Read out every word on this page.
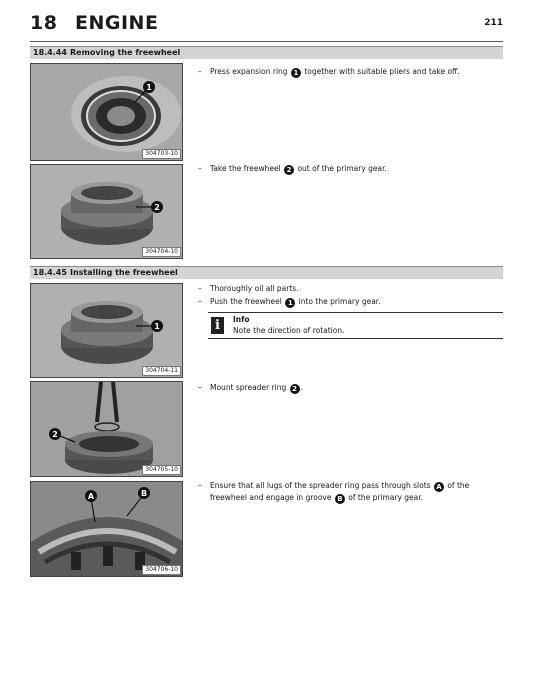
18 ENGINE	211
18.4.44 Removing the freewheel
1
304703-10
2
304704-10
– Press expansion ring 1 together with suitable pliers and take off.
– Take the freewheel 2 out of the primary gear.
18.4.45 Installing the freewheel
1
304704-11
2
304705-10
A	B
304706-10
– Thoroughly oil all parts.
– Push the freewheel 1 into the primary gear.
i	Info
Note the direction of rotation.
– Mount spreader ring 2 .
– Ensure that all lugs of the spreader ring pass through slots A of the freewheel and engage in groove B of the primary gear.
